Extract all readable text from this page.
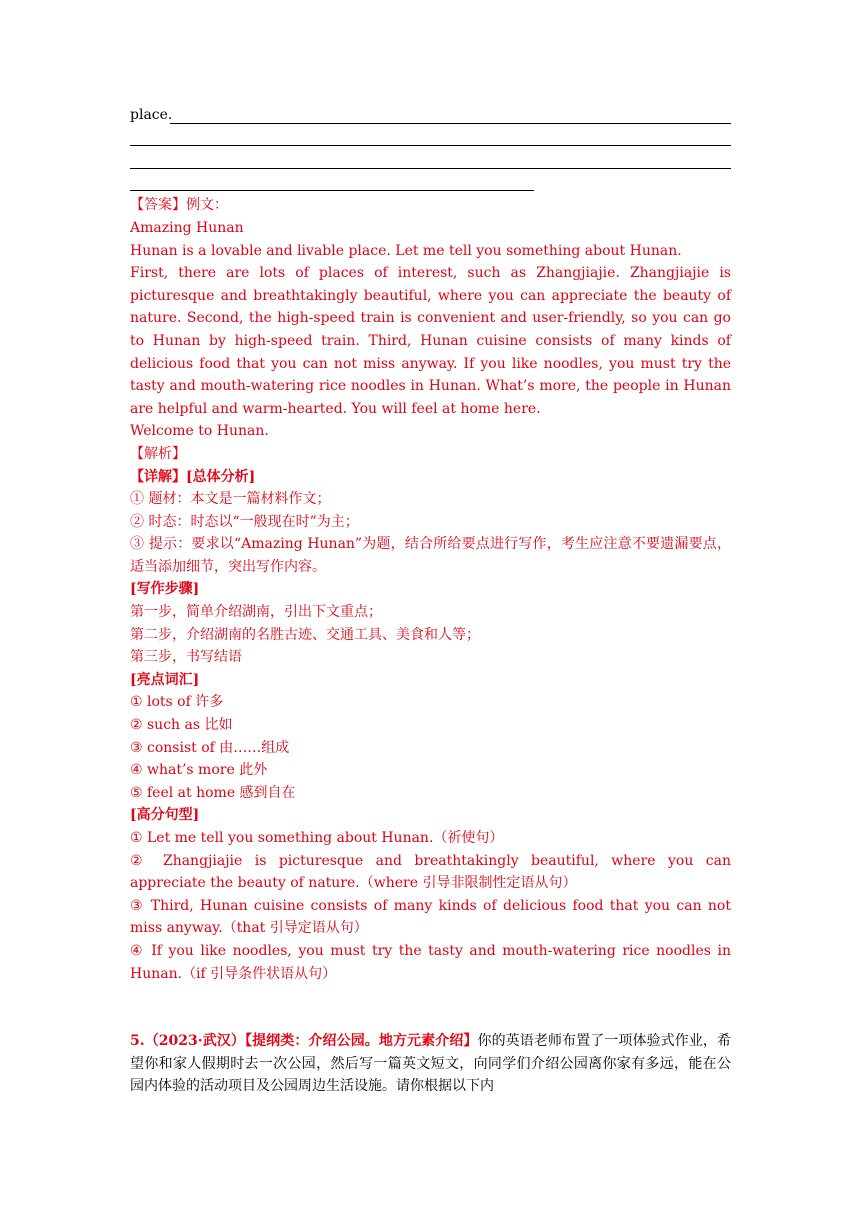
place.
【答案】例文：
Amazing Hunan
Hunan is a lovable and livable place. Let me tell you something about Hunan.
First, there are lots of places of interest, such as Zhangjiajie. Zhangjiajie is picturesque and breathtakingly beautiful, where you can appreciate the beauty of nature. Second, the high-speed train is convenient and user-friendly, so you can go to Hunan by high-speed train. Third, Hunan cuisine consists of many kinds of delicious food that you can not miss anyway. If you like noodles, you must try the tasty and mouth-watering rice noodles in Hunan. What’s more, the people in Hunan are helpful and warm-hearted. You will feel at home here.
Welcome to Hunan.
【解析】
【详解】[总体分析]
① 题材：本文是一篇材料作文；
② 时态：时态以“一般现在时”为主；
③ 提示：要求以“Amazing Hunan”为题，结合所给要点进行写作，考生应注意不要遗漏要点，适当添加细节，突出写作内容。
[写作步骤]
第一步，简单介绍湖南，引出下文重点；
第二步，介绍湖南的名胜古迹、交通工具、美食和人等；
第三步，书写结语
[亮点词汇]
① lots of 许多
② such as 比如
③ consist of 由……组成
④ what’s more 此外
⑤ feel at home 感到自在
[高分句型]
① Let me tell you something about Hunan.（祈使句）
② Zhangjiajie is picturesque and breathtakingly beautiful, where you can appreciate the beauty of nature.（where 引导非限制性定语从句）
③ Third, Hunan cuisine consists of many kinds of delicious food that you can not miss anyway.（that 引导定语从句）
④ If you like noodles, you must try the tasty and mouth-watering rice noodles in Hunan.（if 引导条件状语从句）
5.（2023·武汉）【提纲类：介绍公园。地方元素介绍】你的英语老师布置了一项体验式作业，希望你和家人假期时去一次公园，然后写一篇英文短文，向同学们介绍公园离你家有多远，能在公园内体验的活动项目及公园周边生活设施。请你根据以下内
